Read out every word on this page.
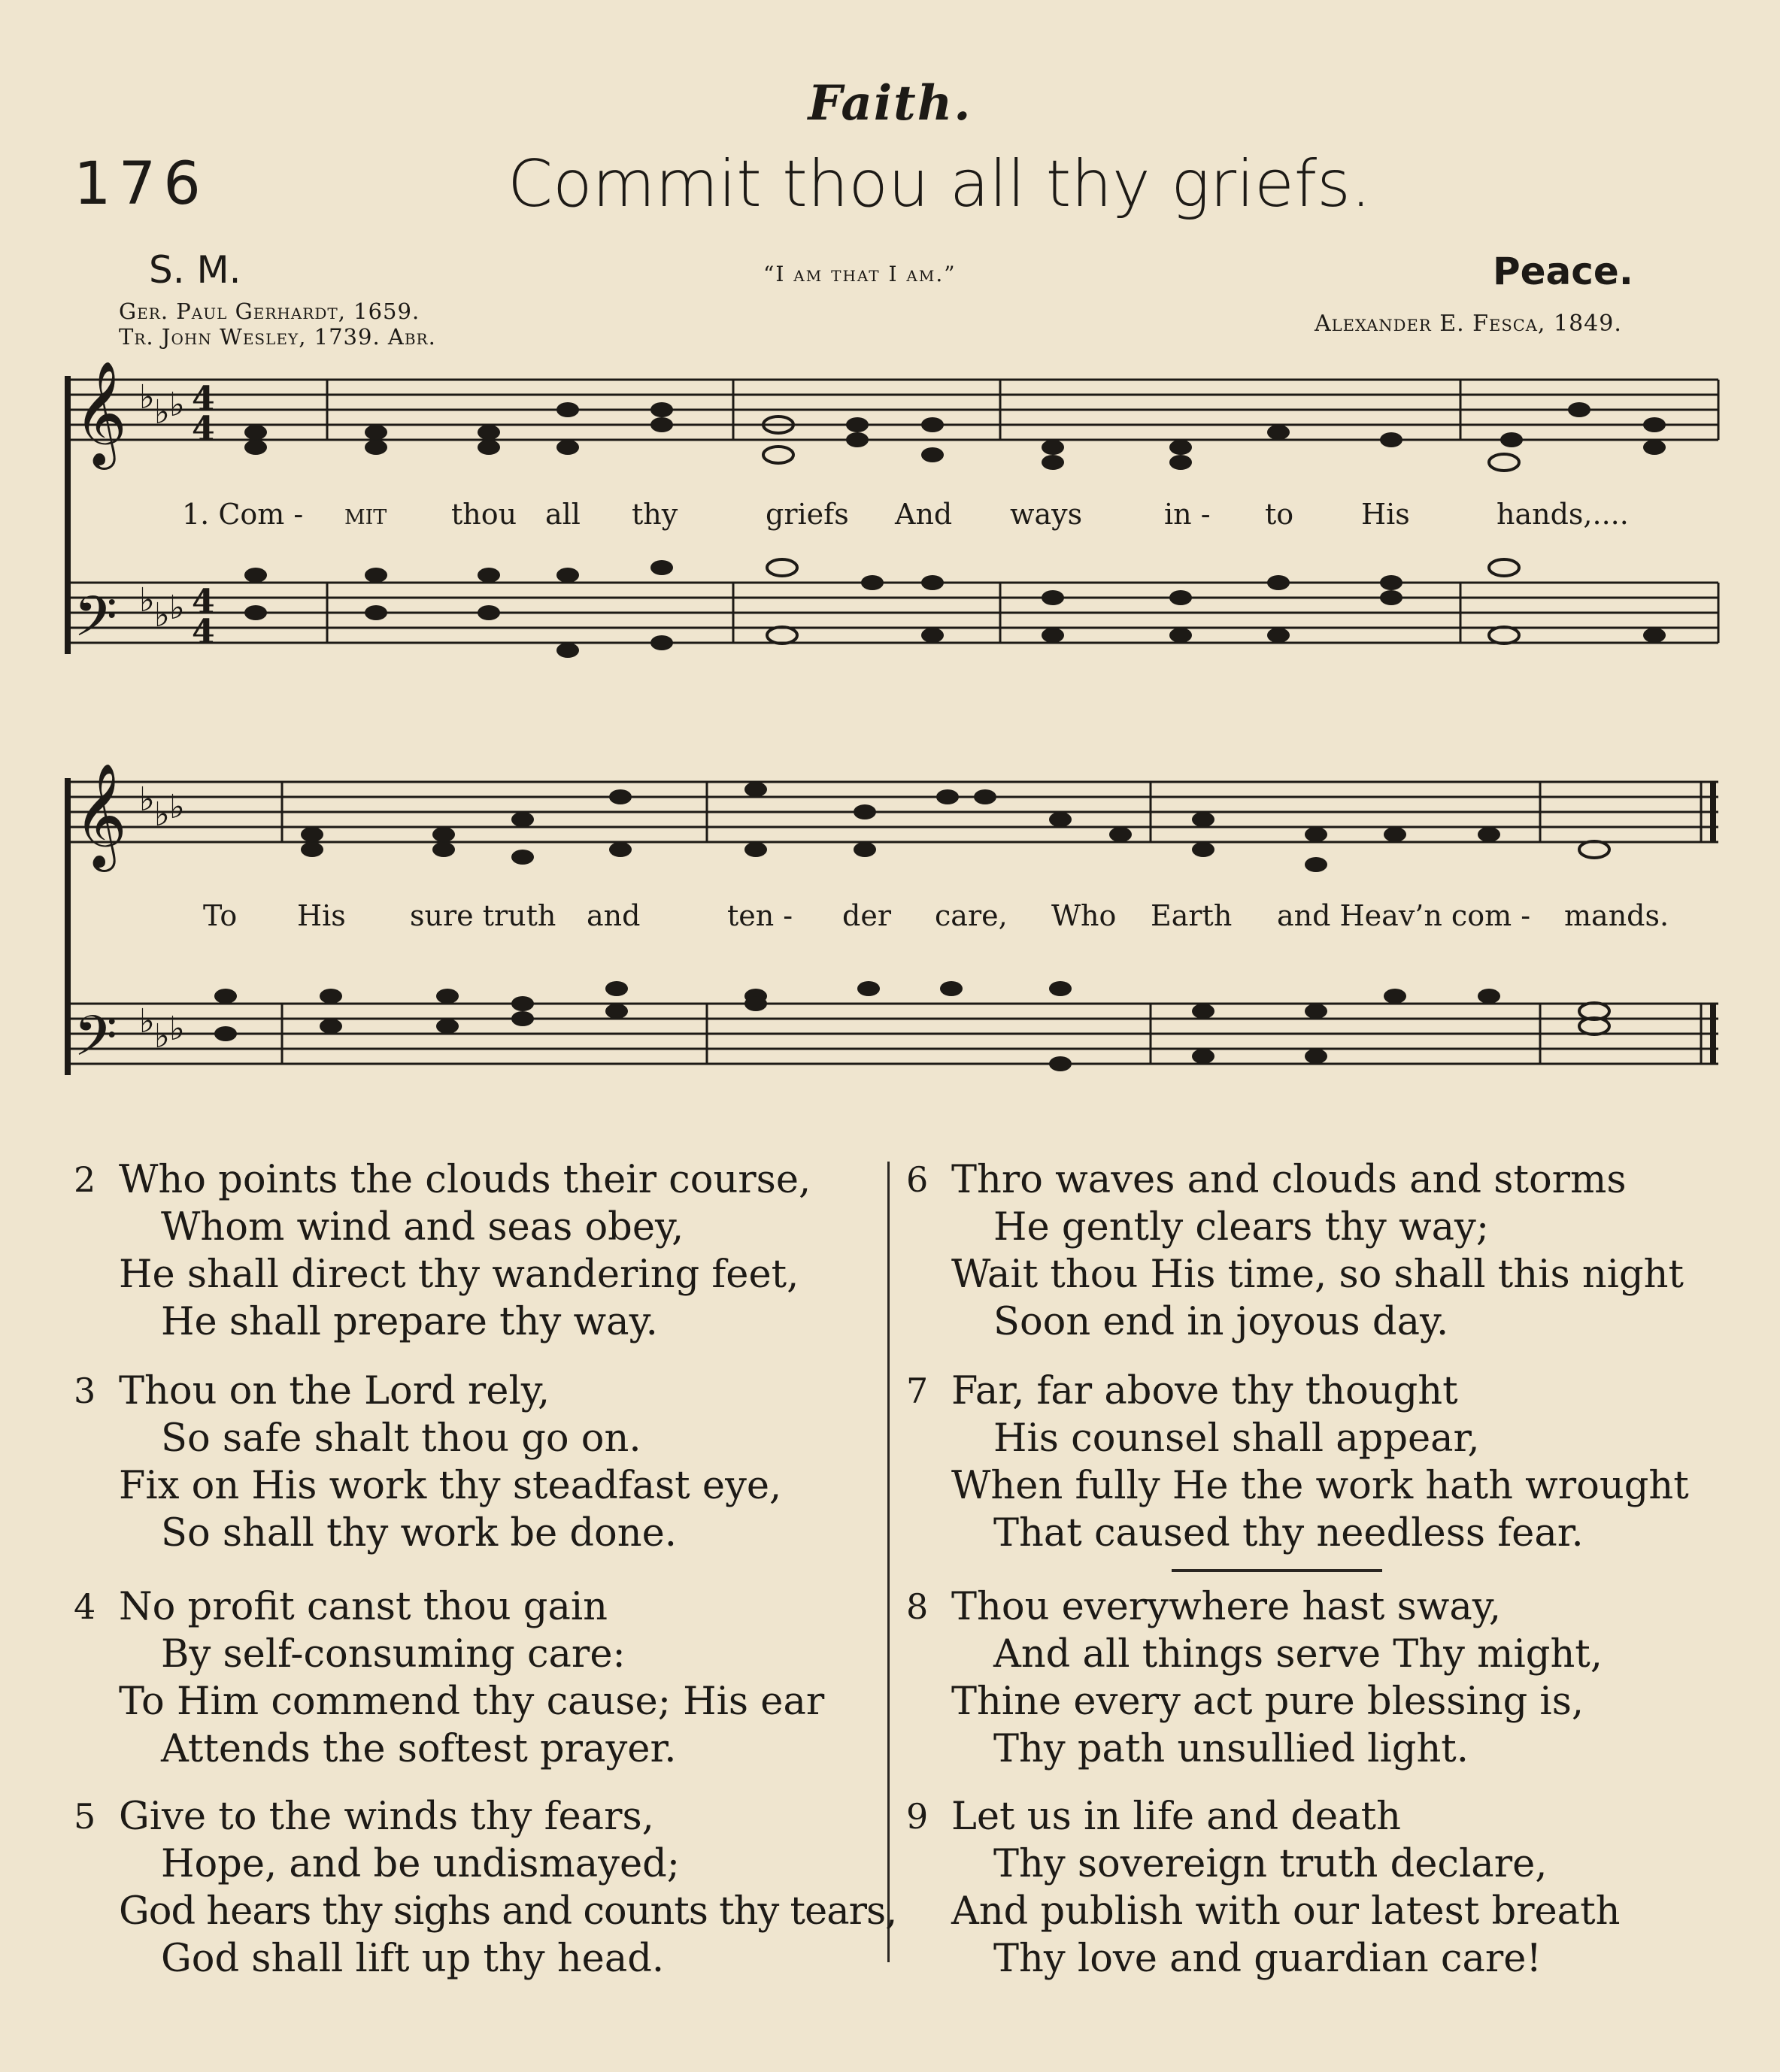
Faith.
176	Commit thou all thy griefs.
S. M.	“I am that I am.”	Peace.
Ger. Paul Gerhardt, 1659.
Tr. John Wesley, 1739. Abr.	Alexander E. Fesca, 1849.
𝄞
𝄢
𝄞
𝄢
♭ ♭ ♭
♭ ♭ ♭
♭ ♭ ♭
♭ ♭ ♭
4
4
4
4
1. Com - mit thou all thy	griefs And ways	in - to His	hands,....
To His sure truth and	ten - der care, Who Earth and Heav’n com - mands.
2 Who points the clouds their course,
Whom wind and seas obey,
He shall direct thy wandering feet,
He shall prepare thy way.
3 Thou on the Lord rely,
So safe shalt thou go on.
Fix on His work thy steadfast eye,
So shall thy work be done.
4 No profit canst thou gain
By self-consuming care:
To Him commend thy cause; His ear
Attends the softest prayer.
5 Give to the winds thy fears,
Hope, and be undismayed;
God hears thy sighs and counts thy tears,
God shall lift up thy head.
6 Thro waves and clouds and storms
He gently clears thy way;
Wait thou His time, so shall this night
Soon end in joyous day.
7 Far, far above thy thought
His counsel shall appear,
When fully He the work hath wrought
That caused thy needless fear.
8 Thou everywhere hast sway,
And all things serve Thy might,
Thine every act pure blessing is,
Thy path unsullied light.
9 Let us in life and death
Thy sovereign truth declare,
And publish with our latest breath
Thy love and guardian care!
